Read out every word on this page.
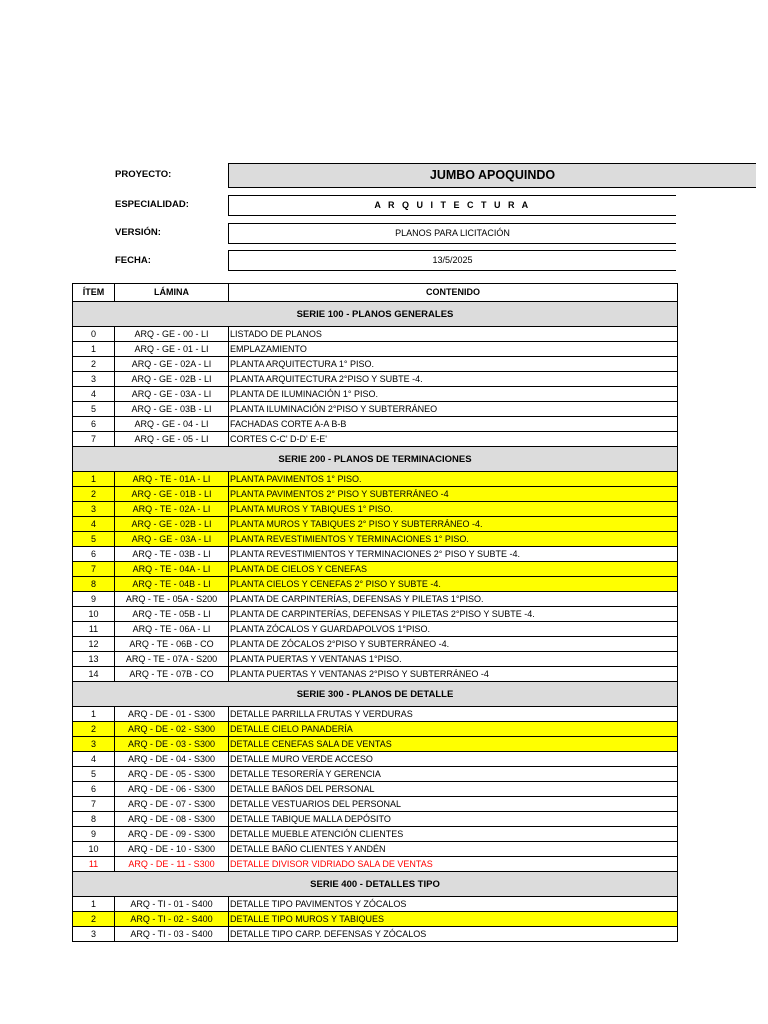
PROYECTO:	JUMBO APOQUINDO
ESPECIALIDAD:	A R Q U I T E C T U R A
VERSIÓN:	PLANOS PARA LICITACIÓN
FECHA:	13/5/2025
ÍTEM	LÁMINA	CONTENIDO
SERIE 100 - PLANOS GENERALES		
0	ARQ - GE - 00 - LI	LISTADO DE PLANOS
1	ARQ - GE - 01 - LI	EMPLAZAMIENTO
2	ARQ - GE - 02A - LI	PLANTA ARQUITECTURA 1° PISO.
3	ARQ - GE - 02B - LI	PLANTA ARQUITECTURA 2°PISO Y SUBTE -4.
4	ARQ - GE - 03A - LI	PLANTA DE ILUMINACIÓN 1° PISO.
5	ARQ - GE - 03B - LI	PLANTA ILUMINACIÓN 2°PISO Y SUBTERRÁNEO
6	ARQ - GE - 04 - LI	FACHADAS CORTE A-A B-B
7	ARQ - GE - 05 - LI	CORTES C-C' D-D' E-E'
SERIE 200 - PLANOS DE TERMINACIONES		
1	ARQ - TE - 01A - LI	PLANTA PAVIMENTOS 1° PISO.
2	ARQ - GE - 01B - LI	PLANTA PAVIMENTOS 2° PISO Y SUBTERRÁNEO -4
3	ARQ - TE - 02A - LI	PLANTA MUROS Y TABIQUES 1° PISO.
4	ARQ - GE - 02B - LI	PLANTA MUROS Y TABIQUES 2° PISO Y SUBTERRÁNEO -4.
5	ARQ - GE - 03A - LI	PLANTA REVESTIMIENTOS Y TERMINACIONES 1° PISO.
6	ARQ - TE - 03B - LI	PLANTA REVESTIMIENTOS Y TERMINACIONES 2° PISO Y SUBTE -4.
7	ARQ - TE - 04A - LI	PLANTA DE CIELOS Y CENEFAS
8	ARQ - TE - 04B - LI	PLANTA CIELOS Y CENEFAS 2° PISO Y SUBTE -4.
9	ARQ - TE - 05A - S200	PLANTA DE CARPINTERÍAS, DEFENSAS Y PILETAS 1°PISO.
10	ARQ - TE - 05B - LI	PLANTA DE CARPINTERÍAS, DEFENSAS Y PILETAS 2°PISO Y SUBTE -4.
11	ARQ - TE - 06A - LI	PLANTA ZÓCALOS Y GUARDAPOLVOS 1°PISO.
12	ARQ - TE - 06B - CO	PLANTA DE ZÓCALOS 2°PISO Y SUBTERRÁNEO -4.
13	ARQ - TE - 07A - S200	PLANTA PUERTAS Y VENTANAS 1°PISO.
14	ARQ - TE - 07B - CO	PLANTA PUERTAS Y VENTANAS 2°PISO Y SUBTERRÁNEO -4
SERIE 300 - PLANOS DE DETALLE		
1	ARQ - DE - 01 - S300	DETALLE PARRILLA FRUTAS Y VERDURAS
2	ARQ - DE - 02 - S300	DETALLE CIELO PANADERÍA
3	ARQ - DE - 03 - S300	DETALLE CENEFAS SALA DE VENTAS
4	ARQ - DE - 04 - S300	DETALLE MURO VERDE ACCESO
5	ARQ - DE - 05 - S300	DETALLE TESORERÍA Y GERENCIA
6	ARQ - DE - 06 - S300	DETALLE BAÑOS DEL PERSONAL
7	ARQ - DE - 07 - S300	DETALLE VESTUARIOS DEL PERSONAL
8	ARQ - DE - 08 - S300	DETALLE TABIQUE MALLA DEPÓSITO
9	ARQ - DE - 09 - S300	DETALLE MUEBLE ATENCIÓN CLIENTES
10	ARQ - DE - 10 - S300	DETALLE BAÑO CLIENTES Y ANDÉN
11	ARQ - DE - 11 - S300	DETALLE DIVISOR VIDRIADO SALA DE VENTAS
SERIE 400 - DETALLES TIPO		
1	ARQ - TI - 01 - S400	DETALLE TIPO PAVIMENTOS Y ZÓCALOS
2	ARQ - TI - 02 - S400	DETALLE TIPO MUROS Y TABIQUES
3	ARQ - TI - 03 - S400	DETALLE TIPO CARP. DEFENSAS Y ZÓCALOS
